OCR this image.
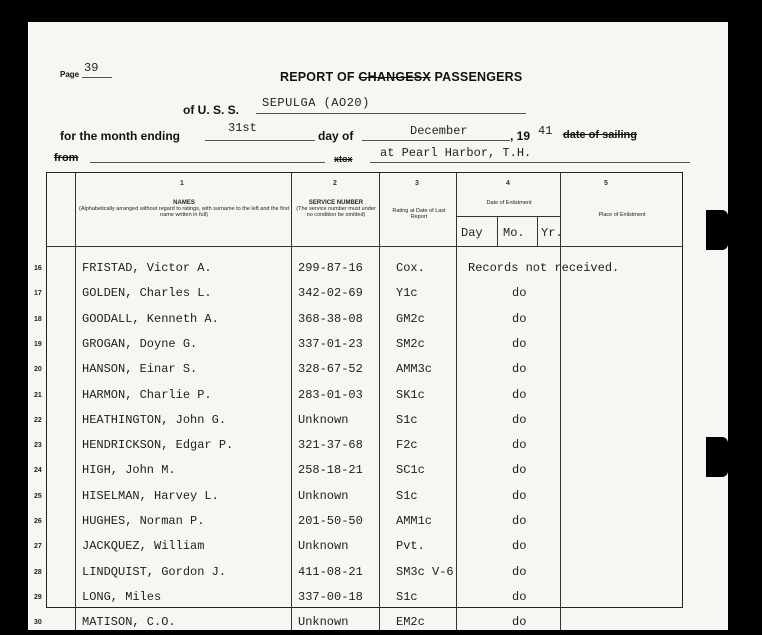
Page 39
REPORT OF CHANGESX PASSENGERS
of U. S. S. SEPULGA (AO20)
for the month ending
31st
day of	December	, 19 41 date of sailing
from	xtox at Pearl Harbor, T.H.
1
NAMES
(Alphabetically arranged without regard to ratings, with surname to the left and the first name written in full)
2
SERVICE NUMBER
(The service number must under no condition be omitted)
3
Rating at Date of Last Report
4
Date of Enlistment
Day Mo. Yr.
5
Place of Enlistment
16	FRISTAD, Victor A.	299-87-16	Cox.	Records not received.
17	GOLDEN, Charles L.	342-02-69	Y1c	do
18	GOODALL, Kenneth A.	368-38-08	GM2c	do
19	GROGAN, Doyne G.	337-01-23	SM2c	do
20	HANSON, Einar S.	328-67-52	AMM3c	do
21	HARMON, Charlie P.	283-01-03	SK1c	do
22	HEATHINGTON, John G.	Unknown	S1c	do
23	HENDRICKSON, Edgar P.	321-37-68	F2c	do
24	HIGH, John M.	258-18-21	SC1c	do
25	HISELMAN, Harvey L.	Unknown	S1c	do
26	HUGHES, Norman P.	201-50-50	AMM1c	do
27	JACKQUEZ, William	Unknown	Pvt.	do
28	LINDQUIST, Gordon J.	411-08-21	SM3c V-6	do
29	LONG, Miles	337-00-18	S1c	do
30	MATISON, C.O.	Unknown	EM2c	do
